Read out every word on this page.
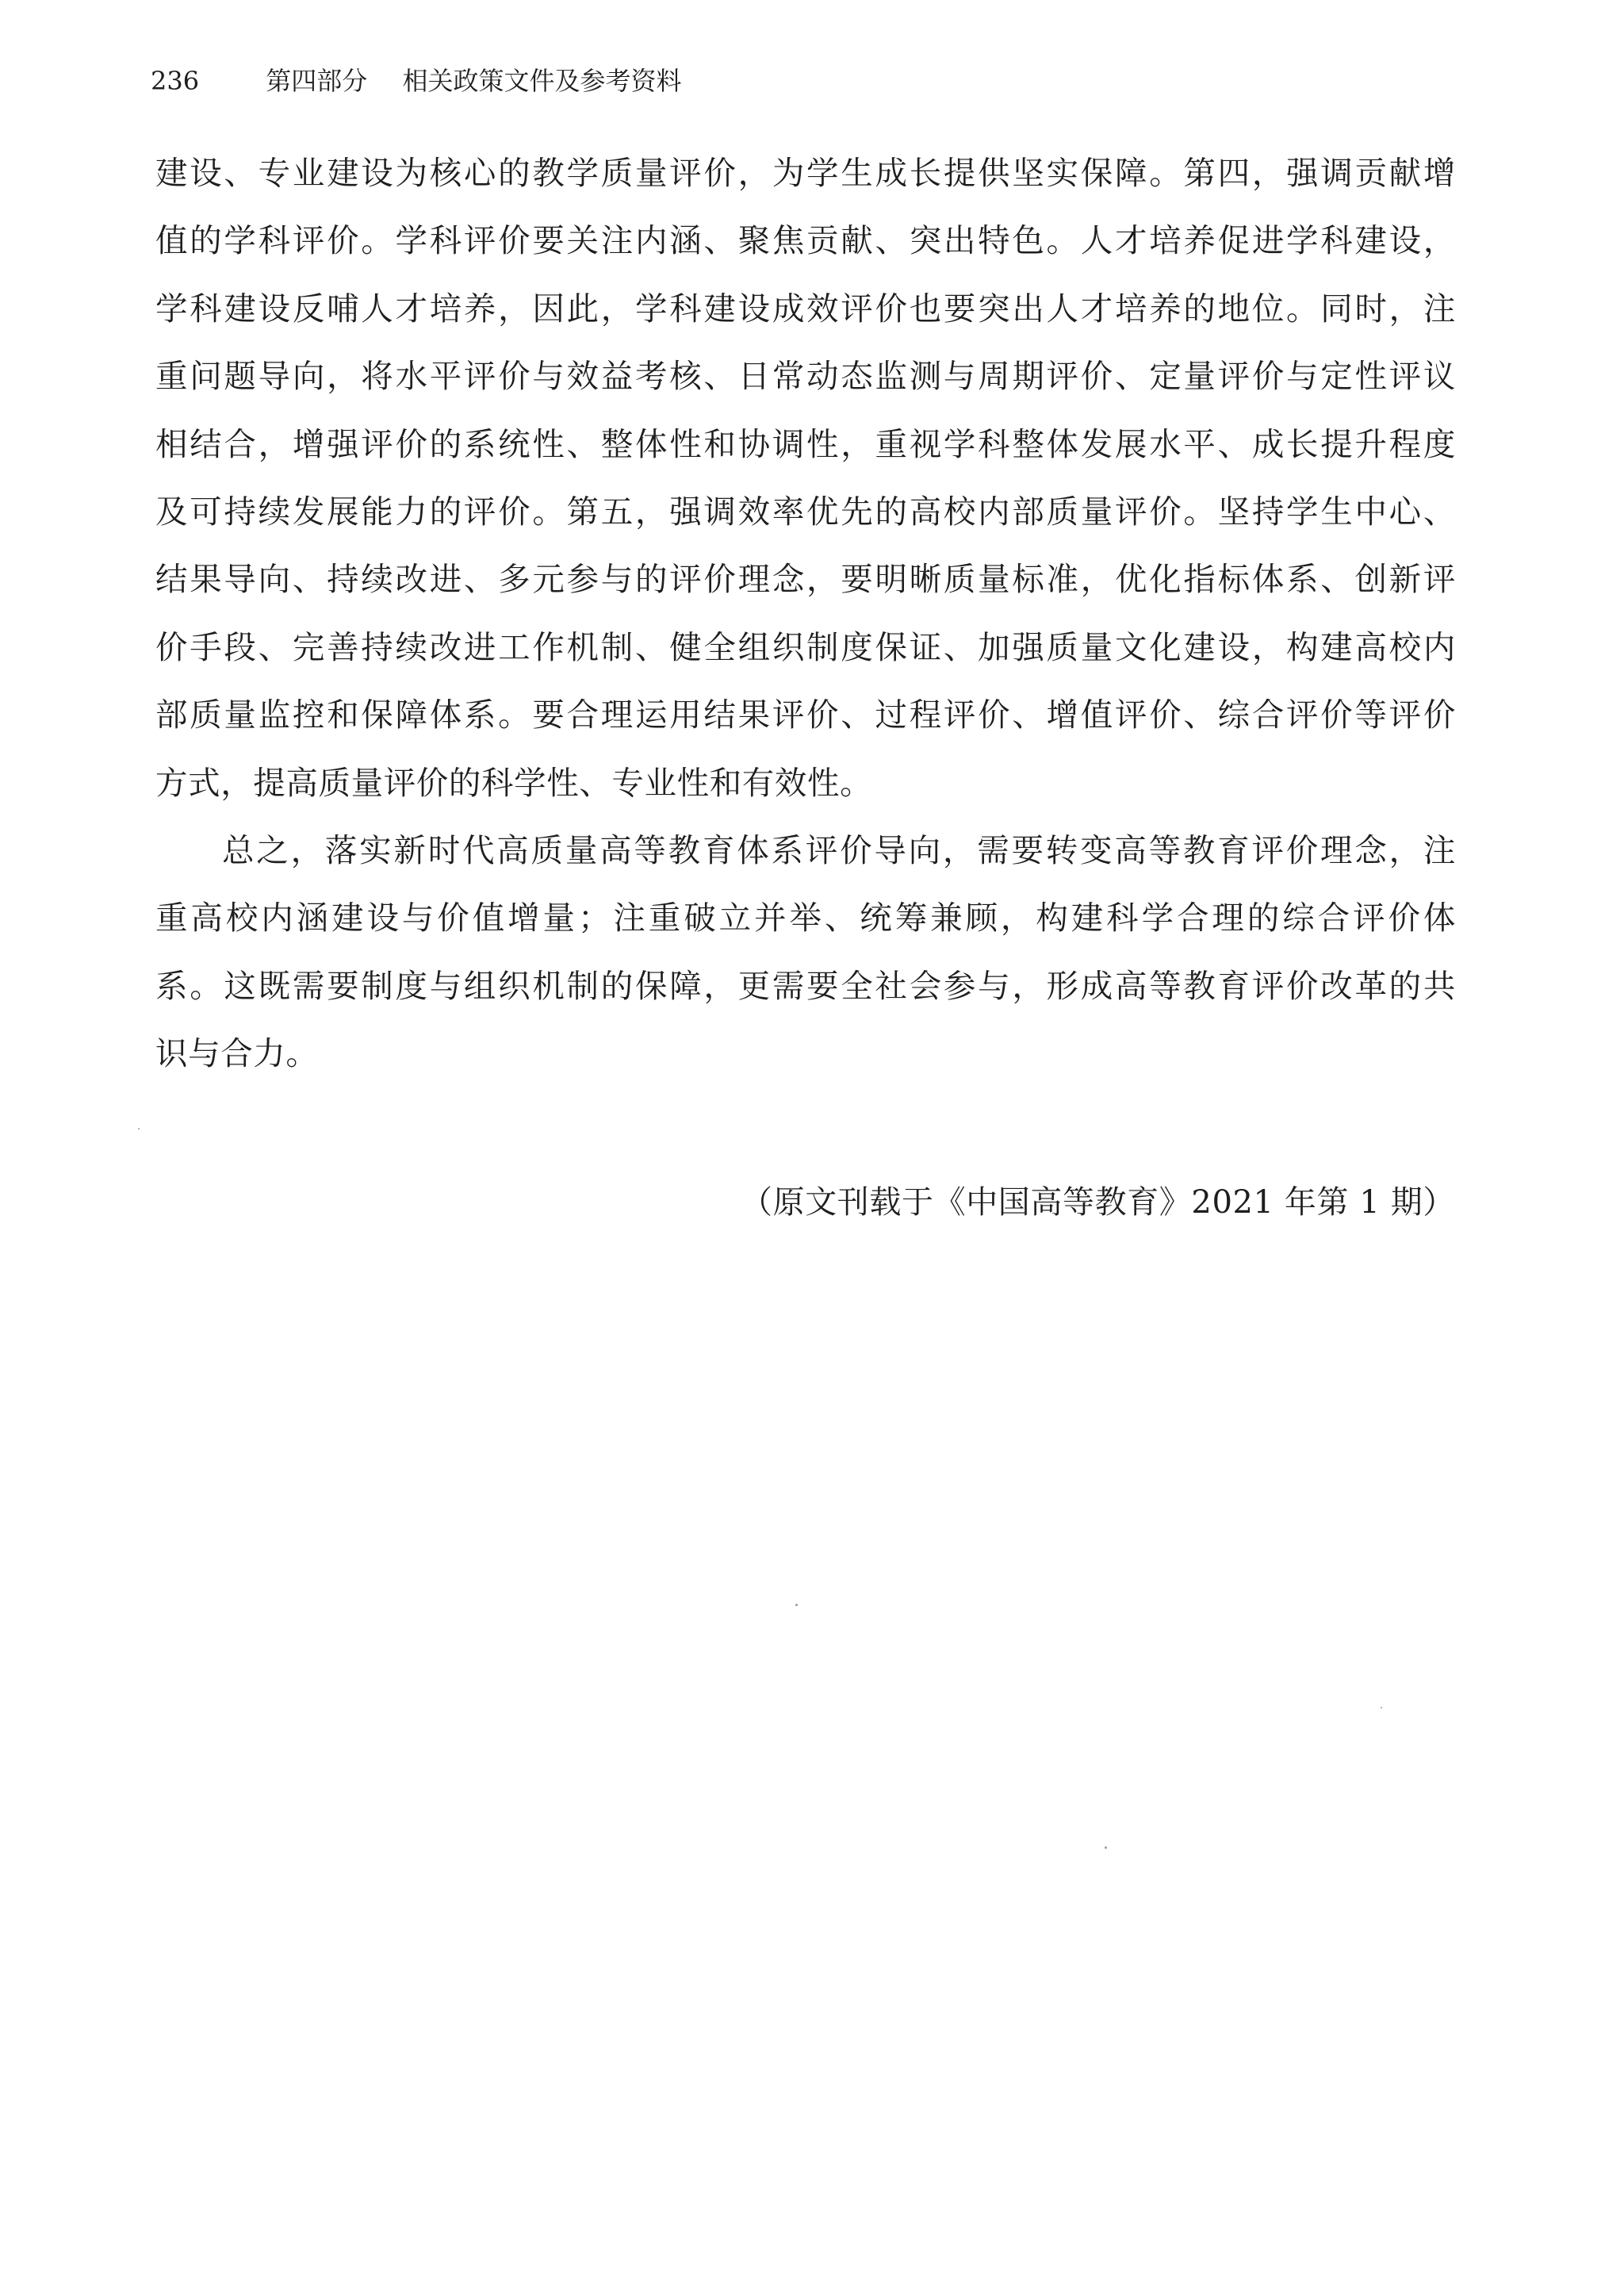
236	第四部分 相关政策文件及参考资料
建设、专业建设为核心的教学质量评价，为学生成长提供坚实保障。第四，强调贡献增
值的学科评价。学科评价要关注内涵、聚焦贡献、突出特色。人才培养促进学科建设，
学科建设反哺人才培养，因此，学科建设成效评价也要突出人才培养的地位。同时，注
重问题导向，将水平评价与效益考核、日常动态监测与周期评价、定量评价与定性评议
相结合，增强评价的系统性、整体性和协调性，重视学科整体发展水平、成长提升程度
及可持续发展能力的评价。第五，强调效率优先的高校内部质量评价。坚持学生中心、
结果导向、持续改进、多元参与的评价理念，要明晰质量标准，优化指标体系、创新评
价手段、完善持续改进工作机制、健全组织制度保证、加强质量文化建设，构建高校内
部质量监控和保障体系。要合理运用结果评价、过程评价、增值评价、综合评价等评价
方式，提高质量评价的科学性、专业性和有效性。
总之，落实新时代高质量高等教育体系评价导向，需要转变高等教育评价理念，注
重高校内涵建设与价值增量；注重破立并举、统筹兼顾，构建科学合理的综合评价体
系。这既需要制度与组织机制的保障，更需要全社会参与，形成高等教育评价改革的共
识与合力。
（原文刊载于《中国高等教育》2021 年第 1 期）
